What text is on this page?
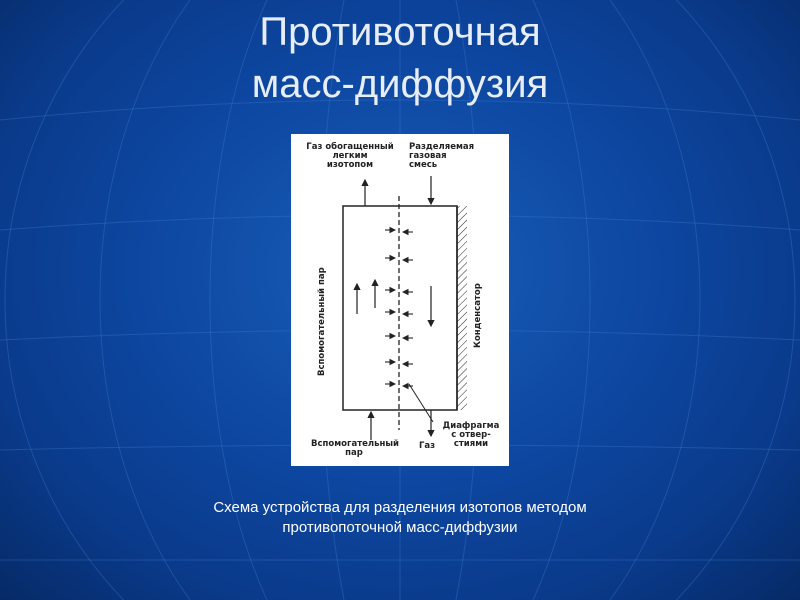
Противоточная
масс-диффузия
Газ обогащенный
легким
изотопом
Разделяемая
газовая
смесь
Вспомогательный пар	Конденсатор
Вспомогательный
пар
Газ
Диафрагма
с отвер-
стиями
Схема устройства для разделения изотопов методом
противопоточной масс-диффузии
